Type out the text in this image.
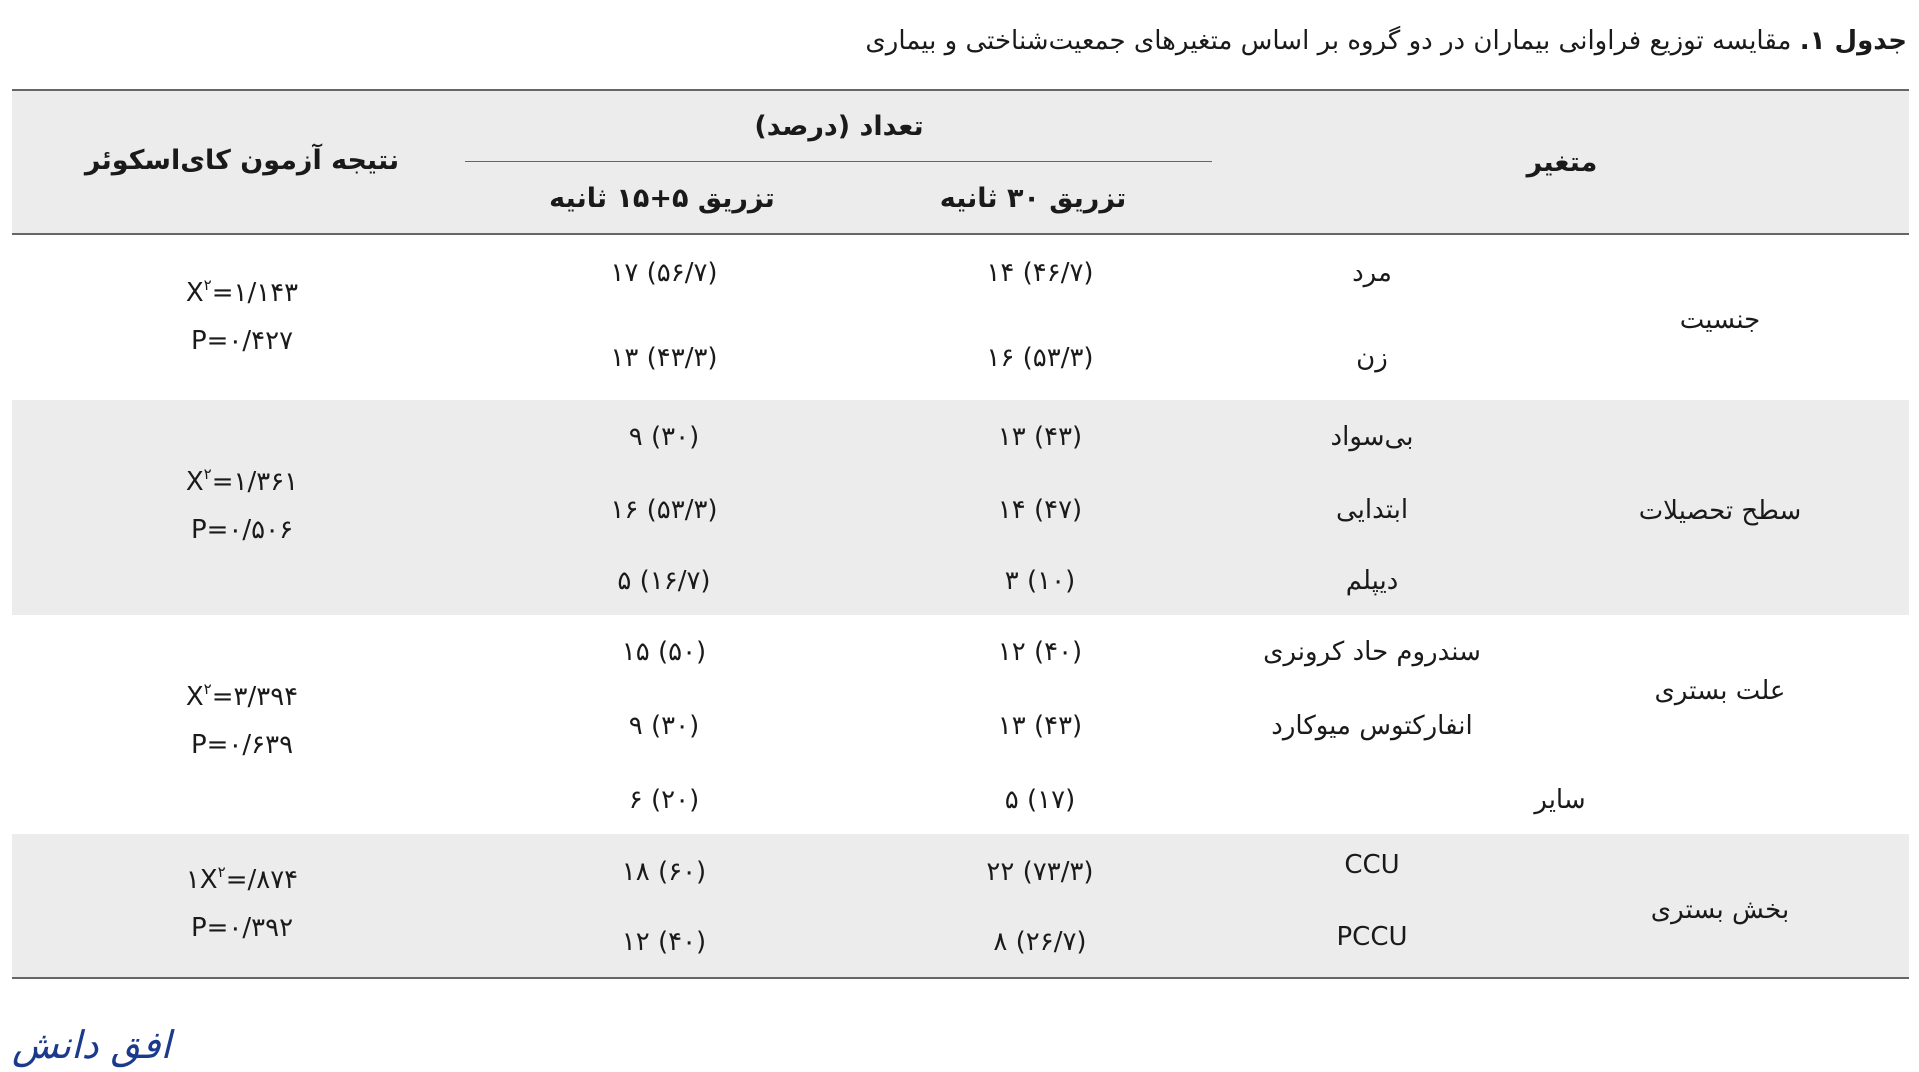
جدول ۱. مقایسه توزیع فراوانی بیماران در دو گروه بر اساس متغیرهای جمعیت‌شناختی و بیماری
تعداد (درصد)
تزریق ۳۰ ثانیه
تزریق ۵+۱۵ ثانیه
متغیر
نتیجه آزمون کای‌اسکوئر
جنسیت
مرد
۱۴ (۴۶/۷)
۱۷ (۵۶/۷)
زن
۱۶ (۵۳/۳)
۱۳ (۴۳/۳)
$X^۲=۱/۱۴۳$
P=۰/۴۲۷
سطح تحصیلات
بی‌سواد
۱۳ (۴۳)
۹ (۳۰)
ابتدایی
۱۴ (۴۷)
۱۶ (۵۳/۳)
دیپلم
۳ (۱۰)
۵ (۱۶/۷)
$X^۲=۱/۳۶۱$
P=۰/۵۰۶
علت بستری
سندروم حاد کرونری
۱۲ (۴۰)
۱۵ (۵۰)
انفارکتوس میوکارد
۱۳ (۴۳)
۹ (۳۰)
سایر
۵ (۱۷)
۶ (۲۰)
$X^۲=۳/۳۹۴$
P=۰/۶۳۹
بخش بستری
CCU
۲۲ (۷۳/۳)
۱۸ (۶۰)
PCCU
۸ (۲۶/۷)
۱۲ (۴۰)
$۱X^۲=/۸۷۴$
P=۰/۳۹۲
افق دانش
